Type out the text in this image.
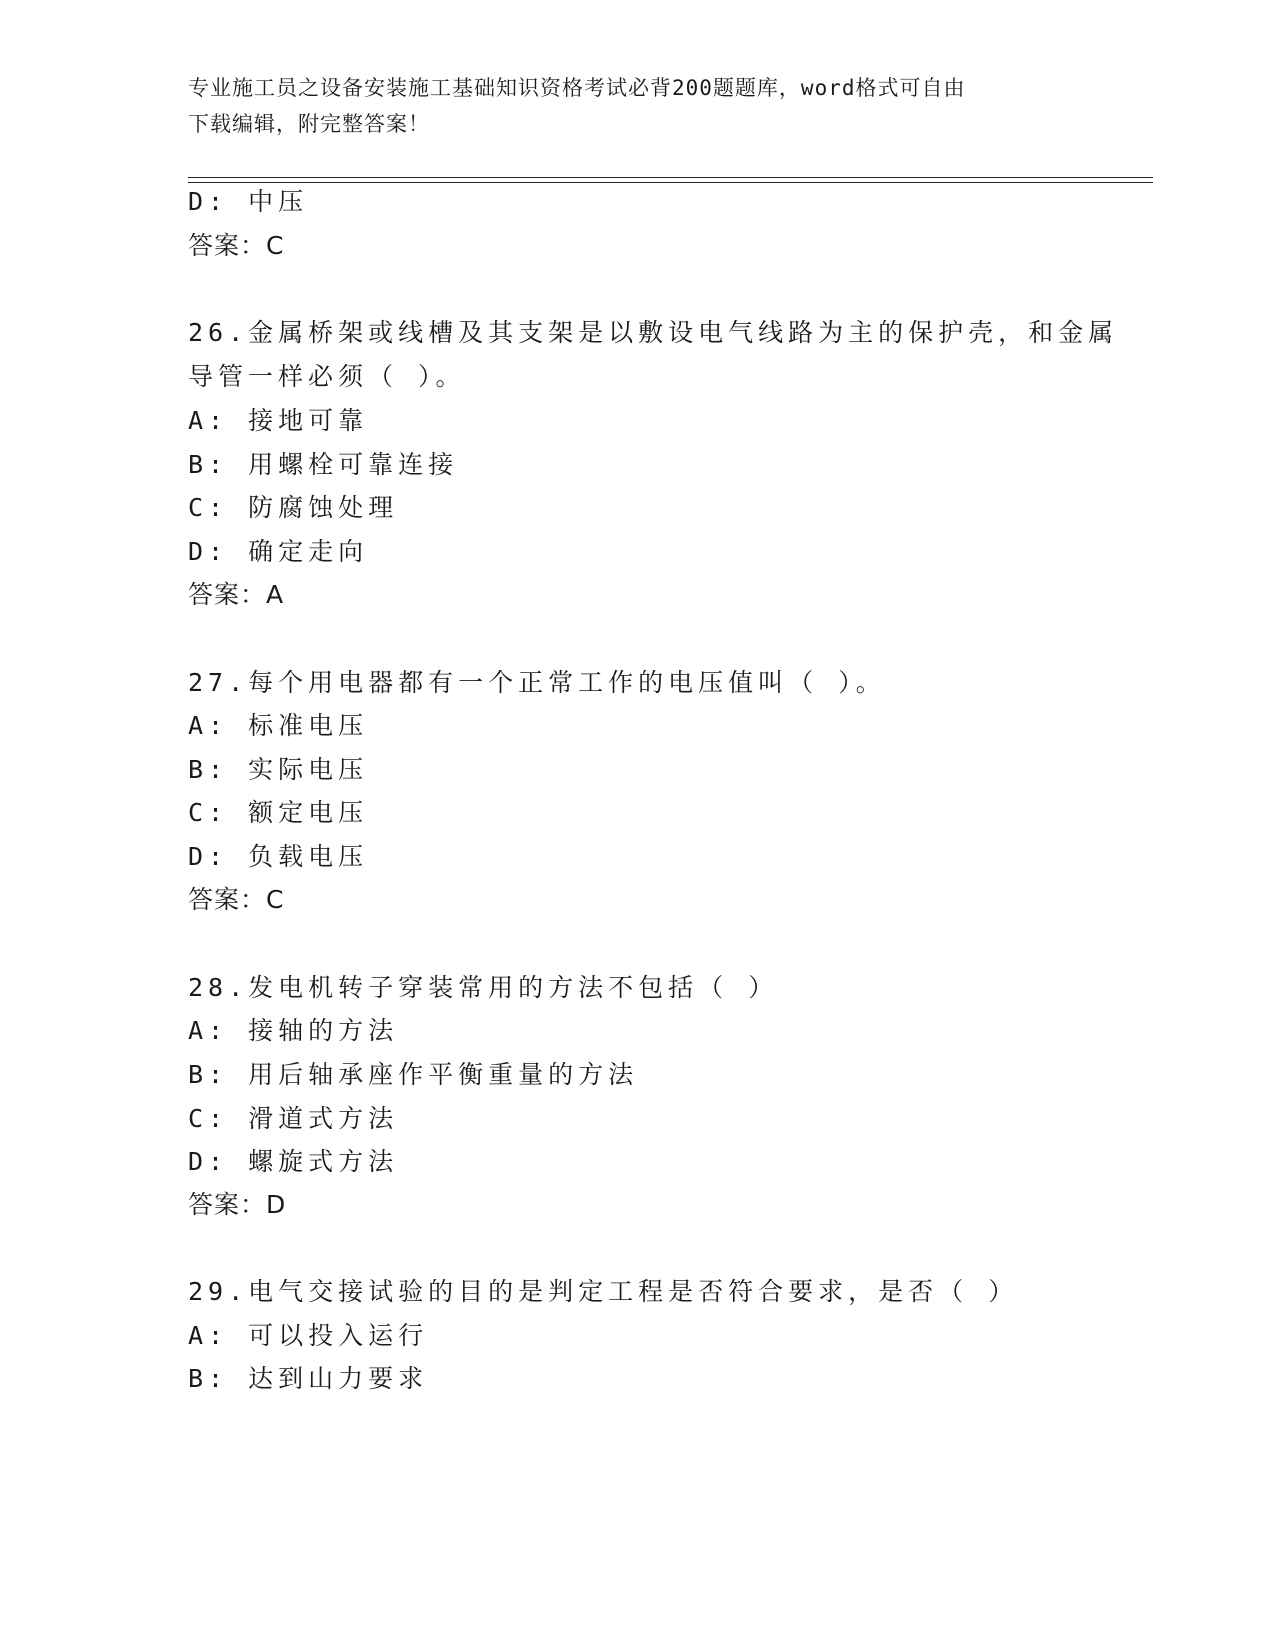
专业施工员之设备安装施工基础知识资格考试必背200题题库，word格式可自由
下载编辑，附完整答案！
D: 中压
答案：C
26.金属桥架或线槽及其支架是以敷设电气线路为主的保护壳，和金属
导管一样必须（ ）。
A: 接地可靠
B: 用螺栓可靠连接
C: 防腐蚀处理
D: 确定走向
答案：A
27.每个用电器都有一个正常工作的电压值叫（ ）。
A: 标准电压
B: 实际电压
C: 额定电压
D: 负载电压
答案：C
28.发电机转子穿装常用的方法不包括（ ）
A: 接轴的方法
B: 用后轴承座作平衡重量的方法
C: 滑道式方法
D: 螺旋式方法
答案：D
29.电气交接试验的目的是判定工程是否符合要求，是否（ ）
A: 可以投入运行
B: 达到山力要求
